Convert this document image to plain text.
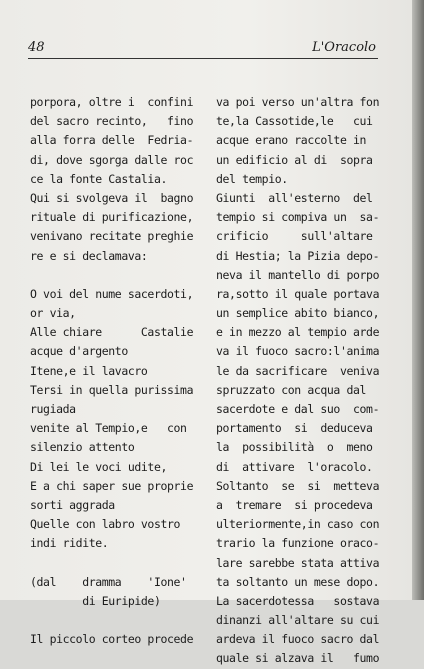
48	L'Oracolo
porpora, oltre i  confini
del sacro recinto,   fino
alla forra delle  Fedria-
di, dove sgorga dalle roc
ce la fonte Castalia.
Qui si svolgeva il  bagno
rituale di purificazione,
venivano recitate preghie
re e si declamava:
O voi del nume sacerdoti,
or via,
Alle chiare      Castalie
acque d'argento
Itene,e il lavacro
Tersi in quella purissima
rugiada
venite al Tempio,e   con
silenzio attento
Di lei le voci udite,
E a chi saper sue proprie
sorti aggrada
Quelle con labro vostro
indi ridite.
(dal    dramma    'Ione'
di Euripide)
Il piccolo corteo procede
va poi verso un'altra fon
te,la Cassotide,le   cui
acque erano raccolte in
un edificio al di  sopra
del tempio.
Giunti  all'esterno  del
tempio si compiva un  sa-
crificio     sull'altare
di Hestia; la Pizia depo-
neva il mantello di porpo
ra,sotto il quale portava
un semplice abito bianco,
e in mezzo al tempio arde
va il fuoco sacro:l'anima
le da sacrificare  veniva
spruzzato con acqua dal
sacerdote e dal suo  com-
portamento  si  deduceva
la  possibilità  o  meno
di  attivare  l'oracolo.
Soltanto  se  si  metteva
a  tremare  si procedeva
ulteriormente,in caso con
trario la funzione oraco-
lare sarebbe stata attiva
ta soltanto un mese dopo.
La sacerdotessa   sostava
dinanzi all'altare su cui
ardeva il fuoco sacro dal
quale si alzava il   fumo
